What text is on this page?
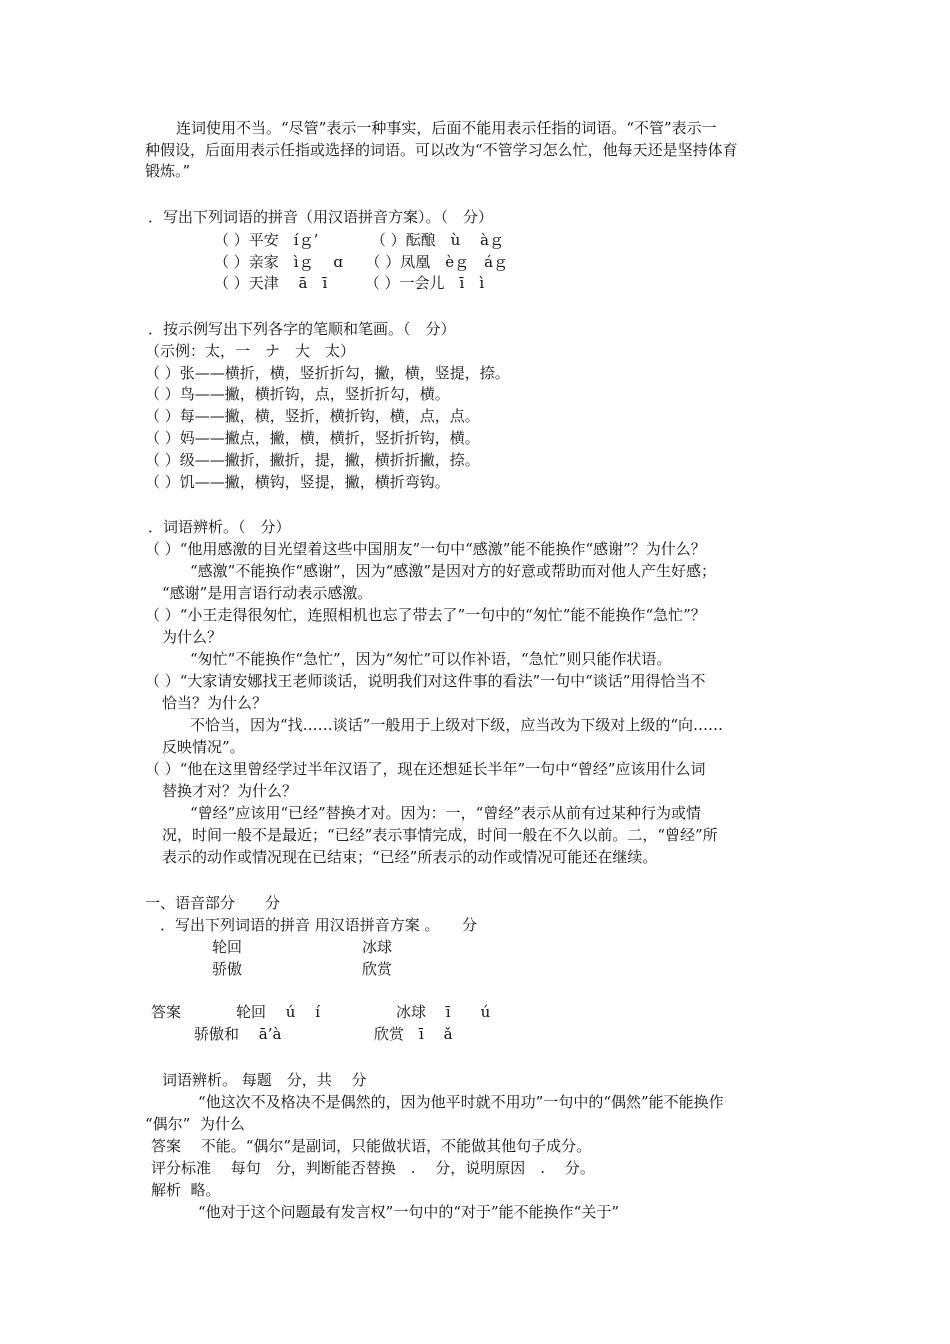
连词使用不当。“尽管”表示一种事实，后面不能用表示任指的词语。“不管”表示一
种假设，后面用表示任指或选择的词语。可以改为“不管学习怎么忙，他每天还是坚持体育
锻炼。”
．写出下列词语的拼音（用汉语拼音方案）。（　分）
（ ）平安　íｇ’　　　　（ ）酝酿　ù　 àｇ
（ ）亲家　ìｇ　 ɑ　　（ ）凤凰　èｇ　áｇ
（ ）天津　 ā　ī　　　（ ）一会儿　ī　ì
．按示例写出下列各字的笔顺和笔画。（　分）
（示例：太，一　ナ　大　太）
（ ）张——横折，横，竖折折勾，撇，横，竖提，捺。
（ ）鸟——撇，横折钩，点，竖折折勾，横。
（ ）每——撇，横，竖折，横折钩，横，点，点。
（ ）妈——撇点，撇，横，横折，竖折折钩，横。
（ ）级——撇折，撇折，提，撇，横折折撇，捺。
（ ）饥——撇，横钩，竖提，撇，横折弯钩。
．词语辨析。（　分）
（ ）“他用感激的目光望着这些中国朋友”一句中“感激”能不能换作“感谢”？为什么？
“感激”不能换作“感谢”，因为“感激”是因对方的好意或帮助而对他人产生好感；
“感谢”是用言语行动表示感激。
（ ）“小王走得很匆忙，连照相机也忘了带去了”一句中的“匆忙”能不能换作“急忙”？
为什么？
“匆忙”不能换作“急忙”，因为“匆忙”可以作补语，“急忙”则只能作状语。
（ ）“大家请安娜找王老师谈话，说明我们对这件事的看法”一句中“谈话”用得恰当不
恰当？为什么？
不恰当，因为“找……谈话”一般用于上级对下级，应当改为下级对上级的“向……
反映情况”。
（ ）“他在这里曾经学过半年汉语了，现在还想延长半年”一句中“曾经”应该用什么词
替换才对？为什么？
“曾经”应该用“已经”替换才对。因为：一，“曾经”表示从前有过某种行为或情
况，时间一般不是最近；“已经”表示事情完成，时间一般在不久以前。二，“曾经”所
表示的动作或情况现在已结束；“已经”所表示的动作或情况可能还在继续。
一、语音部分　　分
．写出下列词语的拼音 用汉语拼音方案 。　　分
轮回	冰球
骄傲	欣赏
答案	轮回　 ú　 í	冰球　 ī　　ú
骄傲和　 ā’à	欣赏　ī　 ǎ
词语辨析。 每题　分，共　 分
“他这次不及格决不是偶然的，因为他平时就不用功”一句中的“偶然”能不能换作
“偶尔”  为什么
答案　 不能。“偶尔”是副词，只能做状语，不能做其他句子成分。
评分标准　 每句　分，判断能否替换　.　 分，说明原因　.　 分。
解析  略。
“他对于这个问题最有发言权”一句中的“对于”能不能换作“关于”
